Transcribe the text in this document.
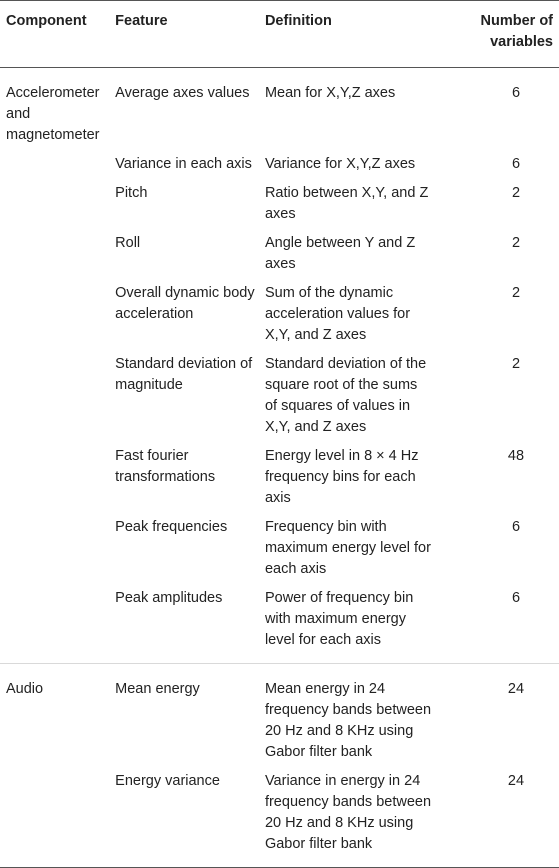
Component	Feature	Definition	Number of variables
Accelerometer and magnetometer	Average axes values	Mean for X,Y,Z axes	6
	Variance in each axis	Variance for X,Y,Z axes	6
	Pitch	Ratio between X,Y, and Z axes	2
	Roll	Angle between Y and Z axes	2
	Overall dynamic body acceleration	Sum of the dynamic acceleration values for X,Y, and Z axes	2
	Standard deviation of magnitude	Standard deviation of the square root of the sums of squares of values in X,Y, and Z axes	2
	Fast fourier transformations	Energy level in 8 × 4 Hz frequency bins for each axis	48
	Peak frequencies	Frequency bin with maximum energy level for each axis	6
	Peak amplitudes	Power of frequency bin with maximum energy level for each axis	6
Audio	Mean energy	Mean energy in 24 frequency bands between 20 Hz and 8 KHz using Gabor filter bank	24
	Energy variance	Variance in energy in 24 frequency bands between 20 Hz and 8 KHz using Gabor filter bank	24
